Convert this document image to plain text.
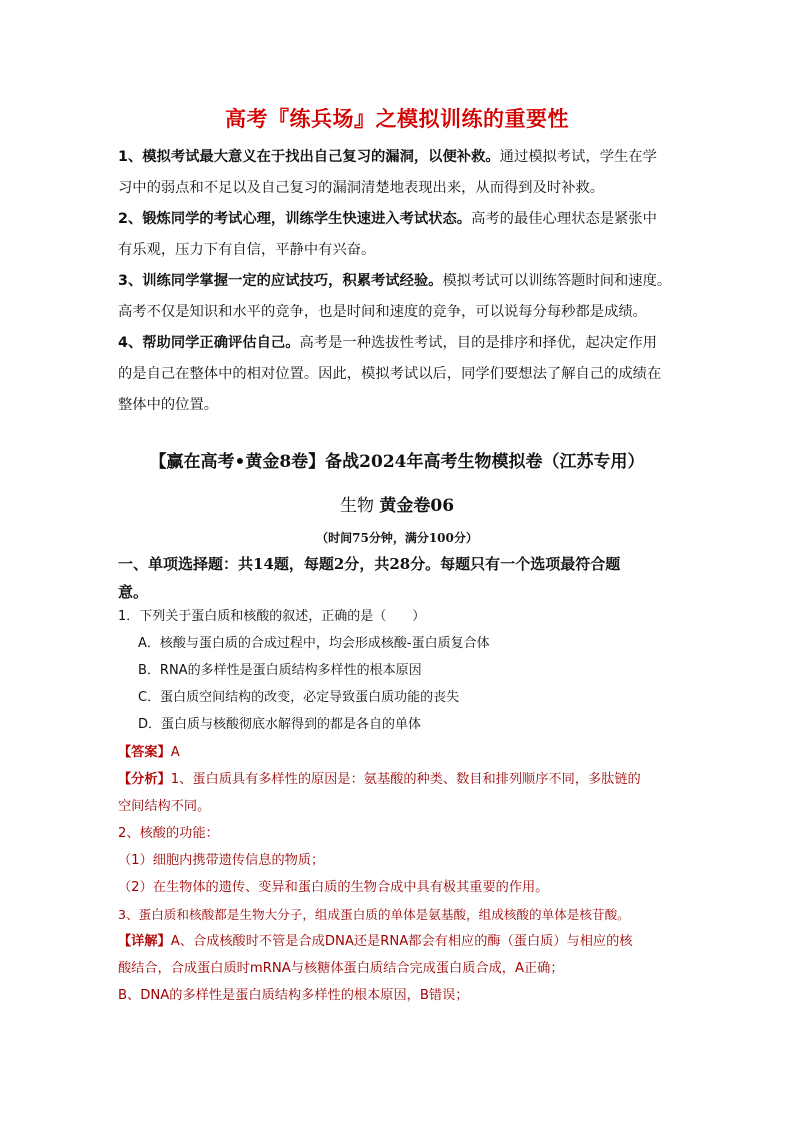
高考『练兵场』之模拟训练的重要性

1、模拟考试最大意义在于找出自己复习的漏洞，以便补救。通过模拟考试，学生在学

习中的弱点和不足以及自己复习的漏洞清楚地表现出来，从而得到及时补救。

2、锻炼同学的考试心理，训练学生快速进入考试状态。高考的最佳心理状态是紧张中

有乐观，压力下有自信，平静中有兴奋。

3、训练同学掌握一定的应试技巧，积累考试经验。模拟考试可以训练答题时间和速度。

高考不仅是知识和水平的竞争，也是时间和速度的竞争，可以说每分每秒都是成绩。

4、帮助同学正确评估自己。高考是一种选拔性考试，目的是排序和择优，起决定作用

的是自己在整体中的相对位置。因此，模拟考试以后，同学们要想法了解自己的成绩在

整体中的位置。

【赢在高考•黄金8卷】备战2024年高考生物模拟卷（江苏专用）
生物 黄金卷06
（时间75分钟，满分100分）
一、单项选择题：共14题，每题2分，共28分。每题只有一个选项最符合题
意。
1．下列关于蛋白质和核酸的叙述，正确的是（　　）
A．核酸与蛋白质的合成过程中，均会形成核酸-蛋白质复合体
B．RNA的多样性是蛋白质结构多样性的根本原因
C．蛋白质空间结构的改变，必定导致蛋白质功能的丧失
D．蛋白质与核酸彻底水解得到的都是各自的单体
【答案】A

【分析】1、蛋白质具有多样性的原因是：氨基酸的种类、数目和排列顺序不同，多肽链的

空间结构不同。

2、核酸的功能：

（1）细胞内携带遗传信息的物质；

（2）在生物体的遗传、变异和蛋白质的生物合成中具有极其重要的作用。

3、蛋白质和核酸都是生物大分子，组成蛋白质的单体是氨基酸，组成核酸的单体是核苷酸。

【详解】A、合成核酸时不管是合成DNA还是RNA都会有相应的酶（蛋白质）与相应的核

酸结合，合成蛋白质时mRNA与核糖体蛋白质结合完成蛋白质合成，A正确；

B、DNA的多样性是蛋白质结构多样性的根本原因，B错误；
